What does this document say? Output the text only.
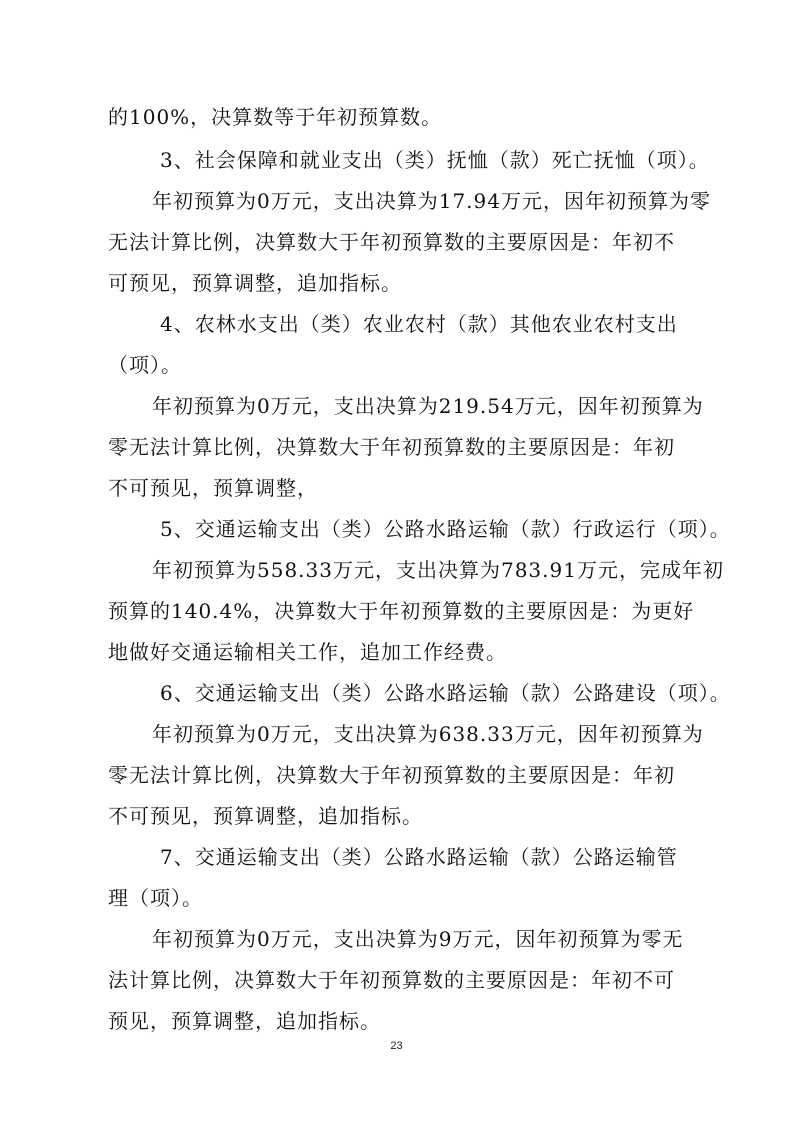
的100%，决算数等于年初预算数。
3、社会保障和就业支出（类）抚恤（款）死亡抚恤（项）。
年初预算为0万元，支出决算为17.94万元，因年初预算为零
无法计算比例，决算数大于年初预算数的主要原因是：年初不
可预见，预算调整，追加指标。
4、农林水支出（类）农业农村（款）其他农业农村支出
（项）。
年初预算为0万元，支出决算为219.54万元，因年初预算为
零无法计算比例，决算数大于年初预算数的主要原因是：年初
不可预见，预算调整，
5、交通运输支出（类）公路水路运输（款）行政运行（项）。
年初预算为558.33万元，支出决算为783.91万元，完成年初
预算的140.4%，决算数大于年初预算数的主要原因是：为更好
地做好交通运输相关工作，追加工作经费。
6、交通运输支出（类）公路水路运输（款）公路建设（项）。
年初预算为0万元，支出决算为638.33万元，因年初预算为
零无法计算比例，决算数大于年初预算数的主要原因是：年初
不可预见，预算调整，追加指标。
7、交通运输支出（类）公路水路运输（款）公路运输管
理（项）。
年初预算为0万元，支出决算为9万元，因年初预算为零无
法计算比例，决算数大于年初预算数的主要原因是：年初不可
预见，预算调整，追加指标。
23
